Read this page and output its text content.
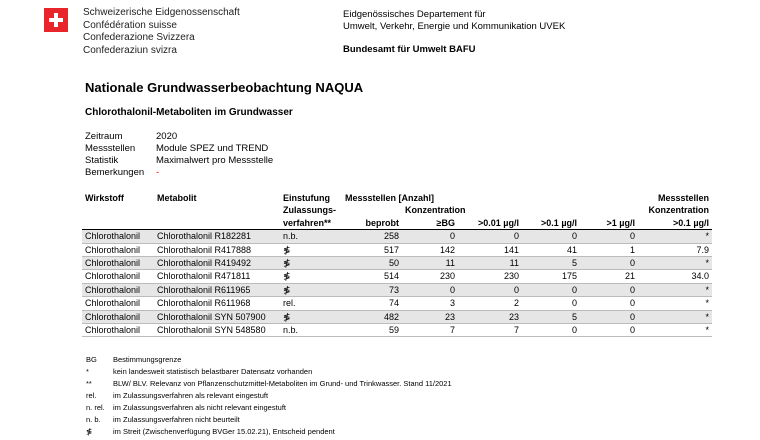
Schweizerische Eidgenossenschaft
Confédération suisse
Confederazione Svizzera
Confederaziun svizra
Eidgenössisches Departement für
Umwelt, Verkehr, Energie und Kommunikation UVEK
Bundesamt für Umwelt BAFU
Nationale Grundwasserbeobachtung NAQUA
Chlorothalonil-Metaboliten im Grundwasser
Zeitraum	2020
Messstellen Module SPEZ und TREND
Statistik	Maximalwert pro Messstelle
Bemerkungen -
Wirkstoff	Metabolit	Einstufung	Messstellen [Anzahl]					Messstellen
		Zulassungs-		Konzentration				Konzentration
		verfahren**	beprobt	≥BG	>0.01 µg/l	>0.1 µg/l	>1 µg/l	>0.1 µg/l
Chlorothalonil	Chlorothalonil R182281	n.b.	258	0	0	0	0	*
Chlorothalonil	Chlorothalonil R417888	≸	517	142	141	41	1	7.9
Chlorothalonil	Chlorothalonil R419492	≸	50	11	11	5	0	*
Chlorothalonil	Chlorothalonil R471811	≸	514	230	230	175	21	34.0
Chlorothalonil	Chlorothalonil R611965	≸	73	0	0	0	0	*
Chlorothalonil	Chlorothalonil R611968	rel.	74	3	2	0	0	*
Chlorothalonil	Chlorothalonil SYN 507900	≸	482	23	23	5	0	*
Chlorothalonil	Chlorothalonil SYN 548580	n.b.	59	7	7	0	0	*
BG Bestimmungsgrenze
*	kein landesweit statistisch belastbarer Datensatz vorhanden
**	BLW/ BLV. Relevanz von Pflanzenschutzmittel-Metaboliten im Grund- und Trinkwasser. Stand 11/2021
rel. im Zulassungsverfahren als relevant eingestuft
n. rel. im Zulassungsverfahren als nicht relevant eingestuft
n. b. im Zulassungsverfahren nicht beurteilt
≸	im Streit (Zwischenverfügung BVGer 15.02.21), Entscheid pendent
